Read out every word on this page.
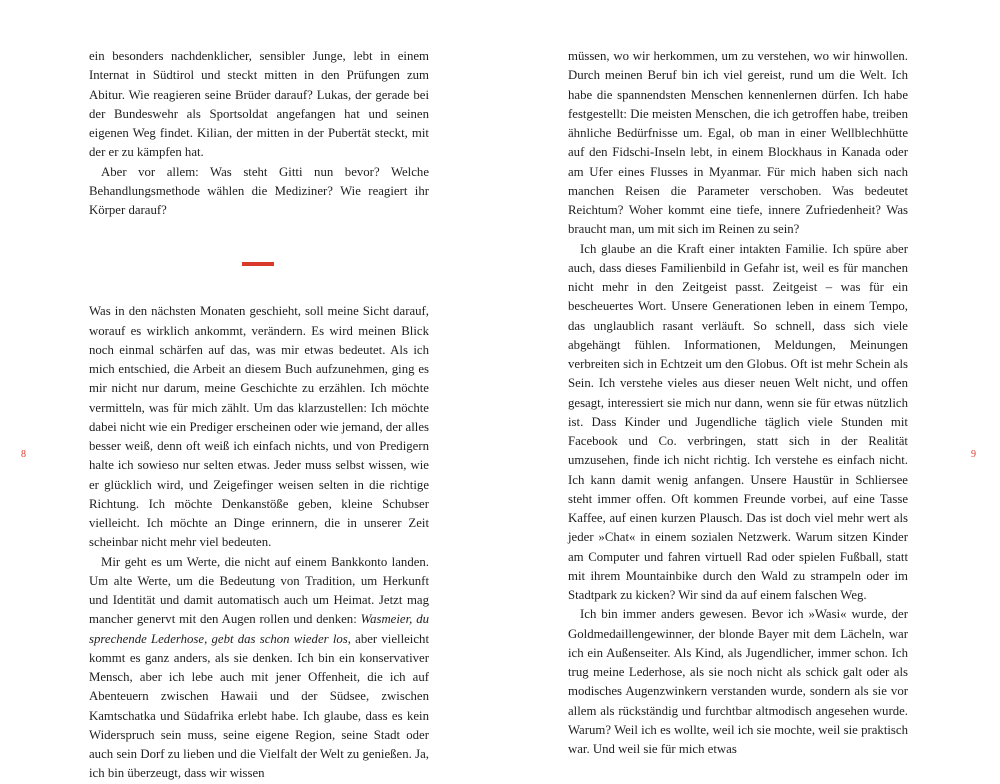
ein besonders nachdenklicher, sensibler Junge, lebt in einem Internat in Südtirol und steckt mitten in den Prüfungen zum Abitur. Wie reagieren seine Brüder darauf? Lukas, der gerade bei der Bundeswehr als Sportsoldat angefangen hat und seinen eigenen Weg findet. Kilian, der mitten in der Pubertät steckt, mit der er zu kämpfen hat.

Aber vor allem: Was steht Gitti nun bevor? Welche Behandlungsmethode wählen die Mediziner? Wie reagiert ihr Körper darauf?

Was in den nächsten Monaten geschieht, soll meine Sicht darauf, worauf es wirklich ankommt, verändern. Es wird meinen Blick noch einmal schärfen auf das, was mir etwas bedeutet. Als ich mich entschied, die Arbeit an diesem Buch aufzunehmen, ging es mir nicht nur darum, meine Geschichte zu erzählen. Ich möchte vermitteln, was für mich zählt. Um das klarzustellen: Ich möchte dabei nicht wie ein Prediger erscheinen oder wie jemand, der alles besser weiß, denn oft weiß ich einfach nichts, und von Predigern halte ich sowieso nur selten etwas. Jeder muss selbst wissen, wie er glücklich wird, und Zeigefinger weisen selten in die richtige Richtung. Ich möchte Denkanstöße geben, kleine Schubser vielleicht. Ich möchte an Dinge erinnern, die in unserer Zeit scheinbar nicht mehr viel bedeuten.

Mir geht es um Werte, die nicht auf einem Bankkonto landen. Um alte Werte, um die Bedeutung von Tradition, um Herkunft und Identität und damit automatisch auch um Heimat. Jetzt mag mancher genervt mit den Augen rollen und denken: Wasmeier, du sprechende Lederhose, gebt das schon wieder los, aber vielleicht kommt es ganz anders, als sie denken. Ich bin ein konservativer Mensch, aber ich lebe auch mit jener Offenheit, die ich auf Abenteuern zwischen Hawaii und der Südsee, zwischen Kamtschatka und Südafrika erlebt habe. Ich glaube, dass es kein Widerspruch sein muss, seine eigene Region, seine Stadt oder auch sein Dorf zu lieben und die Vielfalt der Welt zu genießen. Ja, ich bin überzeugt, dass wir wissen

müssen, wo wir herkommen, um zu verstehen, wo wir hinwollen. Durch meinen Beruf bin ich viel gereist, rund um die Welt. Ich habe die spannendsten Menschen kennenlernen dürfen. Ich habe festgestellt: Die meisten Menschen, die ich getroffen habe, treiben ähnliche Bedürfnisse um. Egal, ob man in einer Wellblechhütte auf den Fidschi-Inseln lebt, in einem Blockhaus in Kanada oder am Ufer eines Flusses in Myanmar. Für mich haben sich nach manchen Reisen die Parameter verschoben. Was bedeutet Reichtum? Woher kommt eine tiefe, innere Zufriedenheit? Was braucht man, um mit sich im Reinen zu sein?

Ich glaube an die Kraft einer intakten Familie. Ich spüre aber auch, dass dieses Familienbild in Gefahr ist, weil es für manchen nicht mehr in den Zeitgeist passt. Zeitgeist – was für ein bescheuertes Wort. Unsere Generationen leben in einem Tempo, das unglaublich rasant verläuft. So schnell, dass sich viele abgehängt fühlen. Informationen, Meldungen, Meinungen verbreiten sich in Echtzeit um den Globus. Oft ist mehr Schein als Sein. Ich verstehe vieles aus dieser neuen Welt nicht, und offen gesagt, interessiert sie mich nur dann, wenn sie für etwas nützlich ist. Dass Kinder und Jugendliche täglich viele Stunden mit Facebook und Co. verbringen, statt sich in der Realität umzusehen, finde ich nicht richtig. Ich verstehe es einfach nicht. Ich kann damit wenig anfangen. Unsere Haustür in Schliersee steht immer offen. Oft kommen Freunde vorbei, auf eine Tasse Kaffee, auf einen kurzen Plausch. Das ist doch viel mehr wert als jeder »Chat« in einem sozialen Netzwerk. Warum sitzen Kinder am Computer und fahren virtuell Rad oder spielen Fußball, statt mit ihrem Mountainbike durch den Wald zu strampeln oder im Stadtpark zu kicken? Wir sind da auf einem falschen Weg.

Ich bin immer anders gewesen. Bevor ich »Wasi« wurde, der Goldmedaillengewinner, der blonde Bayer mit dem Lächeln, war ich ein Außenseiter. Als Kind, als Jugendlicher, immer schon. Ich trug meine Lederhose, als sie noch nicht als schick galt oder als modisches Augenzwinkern verstanden wurde, sondern als sie vor allem als rückständig und furchtbar altmodisch angesehen wurde. Warum? Weil ich es wollte, weil ich sie mochte, weil sie praktisch war. Und weil sie für mich etwas

8	9
